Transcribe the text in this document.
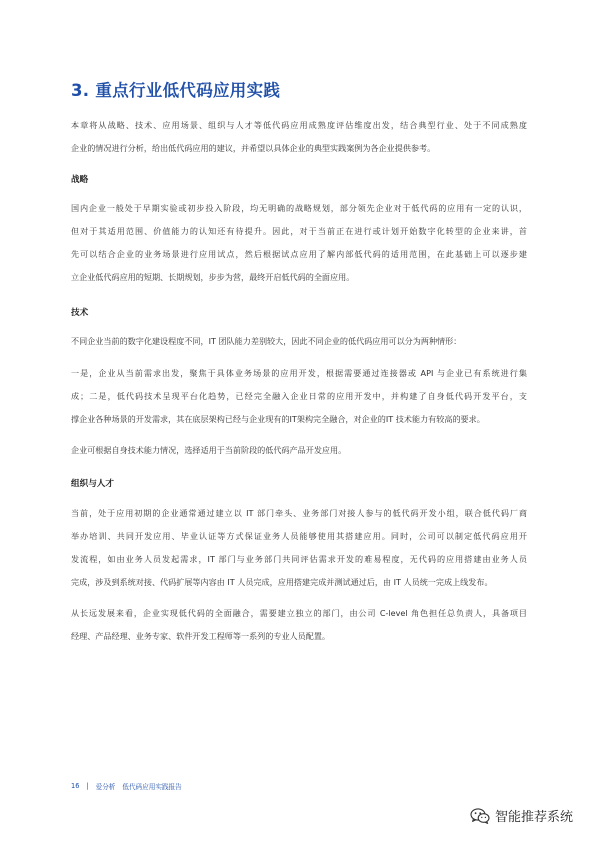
3. 重点行业低代码应用实践

本章将从战略、技术、应用场景、组织与人才等低代码应用成熟度评估维度出发，结合典型行业、处于不同成熟度

企业的情况进行分析，给出低代码应用的建议，并希望以具体企业的典型实践案例为各企业提供参考。

战略

国内企业一般处于早期实验或初步投入阶段，均无明确的战略规划，部分领先企业对于低代码的应用有一定的认识，

但对于其适用范围、价值能力的认知还有待提升。因此，对于当前正在进行或计划开始数字化转型的企业来讲，首

先可以结合企业的业务场景进行应用试点，然后根据试点应用了解内部低代码的适用范围，在此基础上可以逐步建

立企业低代码应用的短期、长期规划，步步为营，最终开启低代码的全面应用。

技术

不同企业当前的数字化建设程度不同，IT 团队能力差别较大，因此不同企业的低代码应用可以分为两种情形：

一是，企业从当前需求出发，聚焦于具体业务场景的应用开发，根据需要通过连接器或 API 与企业已有系统进行集

成；二是，低代码技术呈现平台化趋势，已经完全融入企业日常的应用开发中，并构建了自身低代码开发平台，支

撑企业各种场景的开发需求，其在底层架构已经与企业现有的IT架构完全融合，对企业的IT 技术能力有较高的要求。

企业可根据自身技术能力情况，选择适用于当前阶段的低代码产品开发应用。

组织与人才

当前，处于应用初期的企业通常通过建立以 IT 部门牵头、业务部门对接人参与的低代码开发小组，联合低代码厂商

举办培训、共同开发应用、毕业认证等方式保证业务人员能够使用其搭建应用。同时，公司可以制定低代码应用开

发流程，如由业务人员发起需求，IT 部门与业务部门共同评估需求开发的难易程度，无代码的应用搭建由业务人员

完成，涉及到系统对接、代码扩展等内容由 IT 人员完成，应用搭建完成并测试通过后，由 IT 人员统一完成上线发布。

从长远发展来看，企业实现低代码的全面融合，需要建立独立的部门，由公司 C-level 角色担任总负责人，具备项目

经理、产品经理、业务专家、软件开发工程师等一系列的专业人员配置。

16 | 爱分析 低代码应用实践报告
智能推荐系统
